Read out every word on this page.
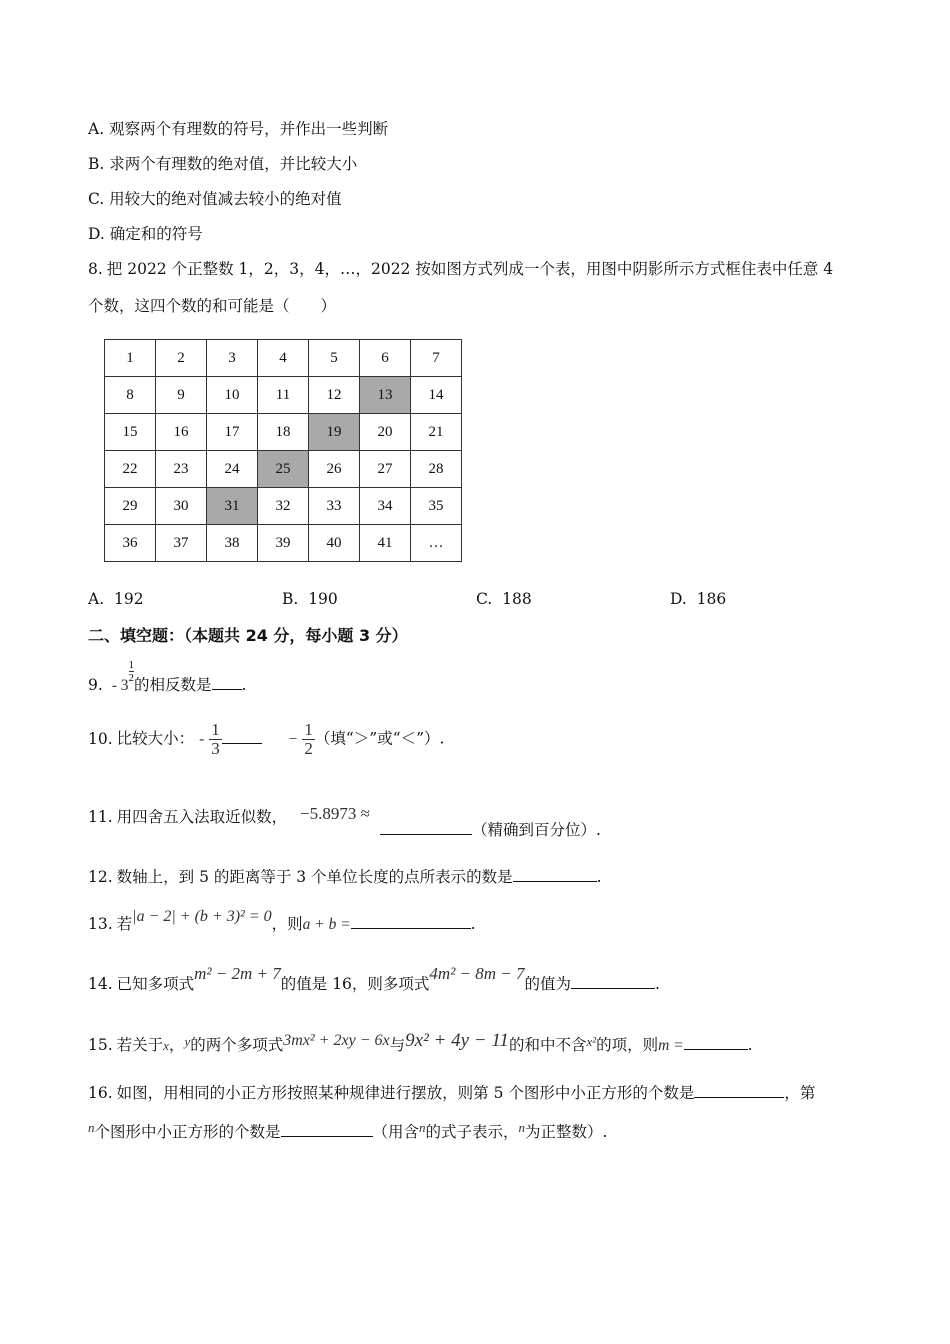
A. 观察两个有理数的符号，并作出一些判断
B. 求两个有理数的绝对值，并比较大小
C. 用较大的绝对值减去较小的绝对值
D. 确定和的符号
8. 把 2022 个正整数 1，2，3，4，…，2022 按如图方式列成一个表，用图中阴影所示方式框住表中任意 4
个数，这四个数的和可能是（　　）
1	2	3	4	5	6	7
8	9	10	11	12	13	14
15	16	17	18	19	20	21
22	23	24	25	26	27	28
29	30	31	32	33	34	35
36	37	38	39	40	41	…
A. 192	B. 190	C. 188	D. 186
二、填空题：（本题共 24 分，每小题 3 分）
9. - 3
$\frac{1}{2}$的相反数是 .
10. 比较大小： - $\frac{1}{3}$	− $\frac{1}{2}$ （填“＞”或“＜”）.
11. 用四舍五入法取近似数， −5.8973 ≈
（精确到百分位）.
12. 数轴上，到 5 的距离等于 3 个单位长度的点所表示的数是	.
13. 若|a − 2| + (b + 3)² = 0，则a + b =	.
14. 已知多项式m² − 2m + 7的值是 16，则多项式4m² − 8m − 7的值为	.
15. 若关于x，$^y$的两个多项式3mx² + 2xy − 6x与9x² + 4y − 11的和中不含$^{x^2}$的项，则m =	.
16. 如图，用相同的小正方形按照某种规律进行摆放，则第 5 个图形中小正方形的个数是	，第
$^n$个图形中小正方形的个数是	（用含$^n$的式子表示，$^n$为正整数）.
